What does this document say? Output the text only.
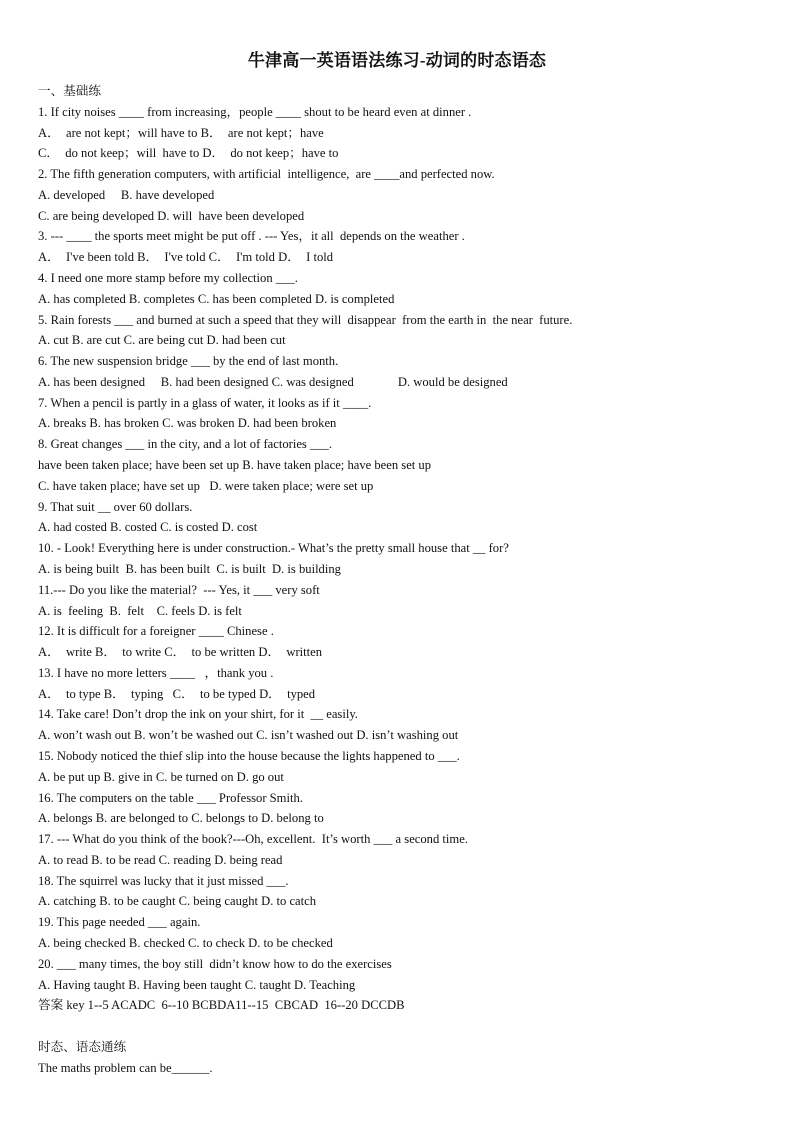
牛津高一英语语法练习-动词的时态语态
一、基础练
1. If city noises ____ from increasing，people ____ shout to be heard even at dinner .
A．  are not kept；will have to B．  are not kept；have
C．  do not keep；will  have to D．  do not keep；have to
2. The fifth generation computers, with artificial  intelligence,  are ____and perfected now.
A. developed     B. have developed
C. are being developed D. will  have been developed
3. --- ____ the sports meet might be put off . --- Yes，it all  depends on the weather .
A．  I've been told B．  I've told C．  I'm told D．  I told
4. I need one more stamp before my collection ___.
A. has completed B. completes C. has been completed D. is completed
5. Rain forests ___ and burned at such a speed that they will  disappear  from the earth in  the near  future.
A. cut B. are cut C. are being cut D. had been cut
6. The new suspension bridge ___ by the end of last month.
A. has been designed     B. had been designed C. was designed              D. would be designed
7. When a pencil is partly in a glass of water, it looks as if it ____.
A. breaks B. has broken C. was broken D. had been broken
8. Great changes ___ in the city, and a lot of factories ___.
have been taken place; have been set up B. have taken place; have been set up
C. have taken place; have set up   D. were taken place; were set up
9. That suit __ over 60 dollars.
A. had costed B. costed C. is costed D. cost
10. - Look! Everything here is under construction.- What’s the pretty small house that __ for?
A. is being built  B. has been built  C. is built  D. is building
11.--- Do you like the material?  --- Yes, it ___ very soft
A. is  feeling  B.  felt    C. feels D. is felt
12. It is difficult for a foreigner ____ Chinese .
A．  write B．  to write C．  to be written D．  written
13. I have no more letters ____   ，thank you .
A．  to type B．  typing   C．  to be typed D．  typed
14. Take care! Don’t drop the ink on your shirt, for it  __ easily.
A. won’t wash out B. won’t be washed out C. isn’t washed out D. isn’t washing out
15. Nobody noticed the thief slip into the house because the lights happened to ___.
A. be put up B. give in C. be turned on D. go out
16. The computers on the table ___ Professor Smith.
A. belongs B. are belonged to C. belongs to D. belong to
17. --- What do you think of the book?---Oh, excellent.  It’s worth ___ a second time.
A. to read B. to be read C. reading D. being read
18. The squirrel was lucky that it just missed ___.
A. catching B. to be caught C. being caught D. to catch
19. This page needed ___ again.
A. being checked B. checked C. to check D. to be checked
20. ___ many times, the boy still  didn’t know how to do the exercises
A. Having taught B. Having been taught C. taught D. Teaching
答案 key 1--5 ACADC  6--10 BCBDA11--15  CBCAD  16--20 DCCDB
时态、语态通练
The maths problem can be______.
